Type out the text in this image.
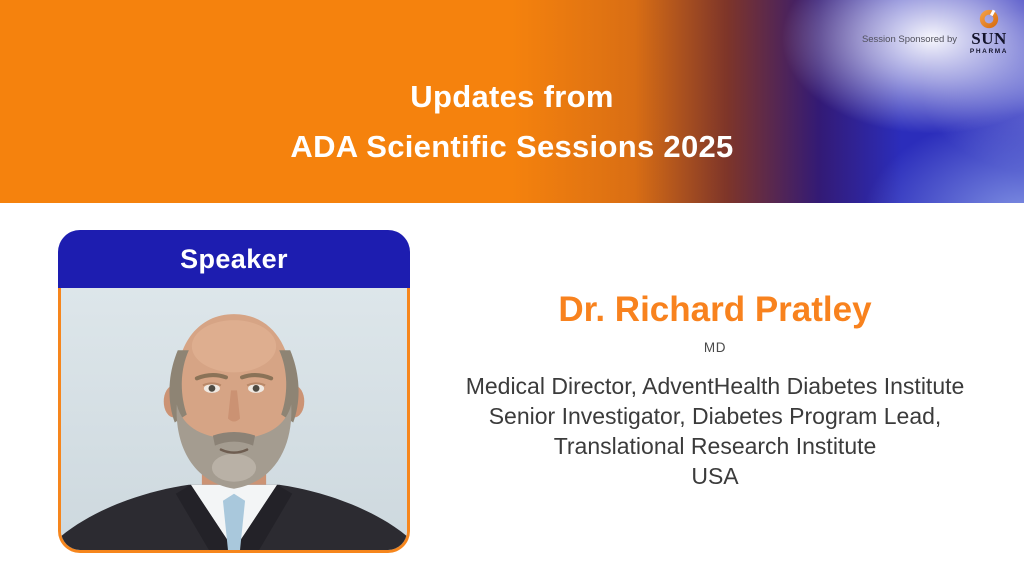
Updates from
ADA Scientific Sessions 2025
Session Sponsored by SUN
PHARMA
Speaker
Dr. Richard Pratley
MD
Medical Director, AdventHealth Diabetes Institute
Senior Investigator, Diabetes Program Lead,
Translational Research Institute
USA
